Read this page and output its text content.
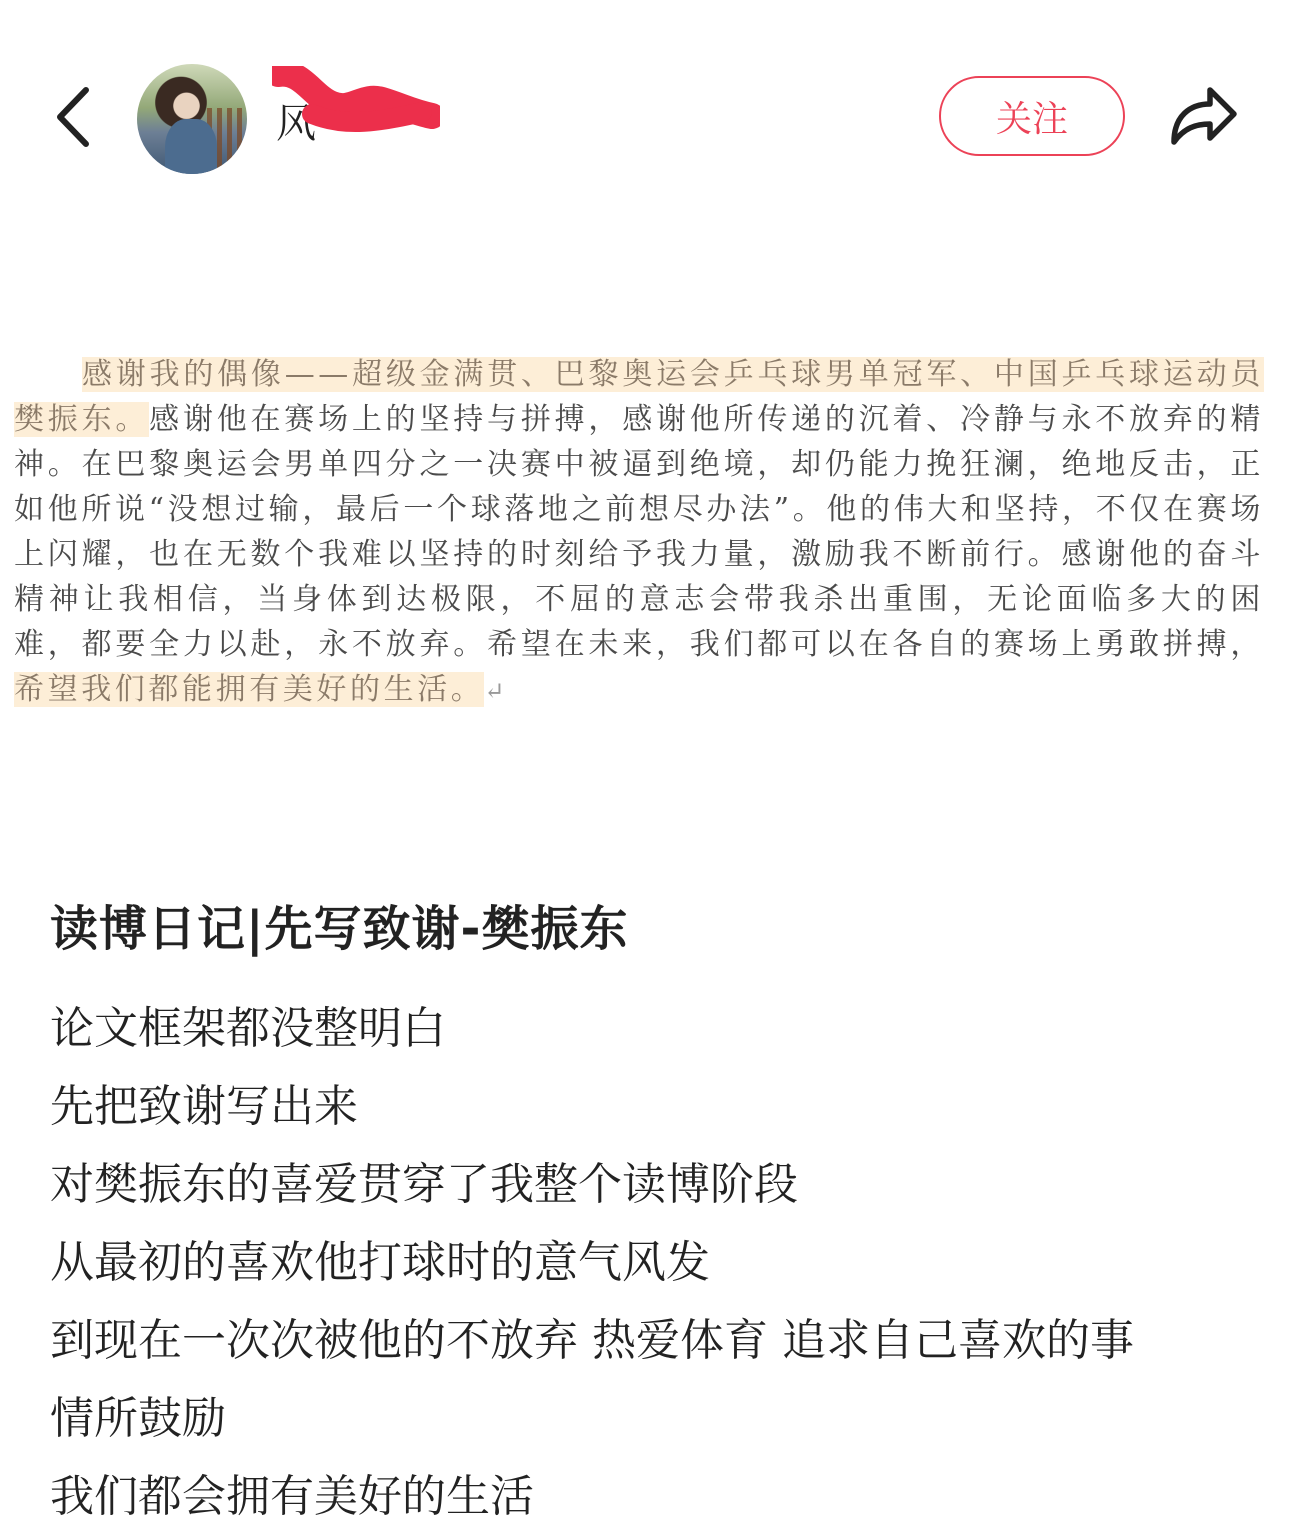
风	关注
感谢我的偶像——超级金满贯、巴黎奥运会乒乓球男单冠军、中国乒乓球运动员樊振东。感谢他在赛场上的坚持与拼搏，感谢他所传递的沉着、冷静与永不放弃的精神。在巴黎奥运会男单四分之一决赛中被逼到绝境，却仍能力挽狂澜，绝地反击，正如他所说“没想过输，最后一个球落地之前想尽办法”。他的伟大和坚持，不仅在赛场上闪耀，也在无数个我难以坚持的时刻给予我力量，激励我不断前行。感谢他的奋斗精神让我相信，当身体到达极限，不屈的意志会带我杀出重围，无论面临多大的困难，都要全力以赴，永不放弃。希望在未来，我们都可以在各自的赛场上勇敢拼搏，希望我们都能拥有美好的生活。↵
读博日记|先写致谢-樊振东
论文框架都没整明白
先把致谢写出来
对樊振东的喜爱贯穿了我整个读博阶段
从最初的喜欢他打球时的意气风发
到现在一次次被他的不放弃 热爱体育 追求自己喜欢的事
情所鼓励
我们都会拥有美好的生活
